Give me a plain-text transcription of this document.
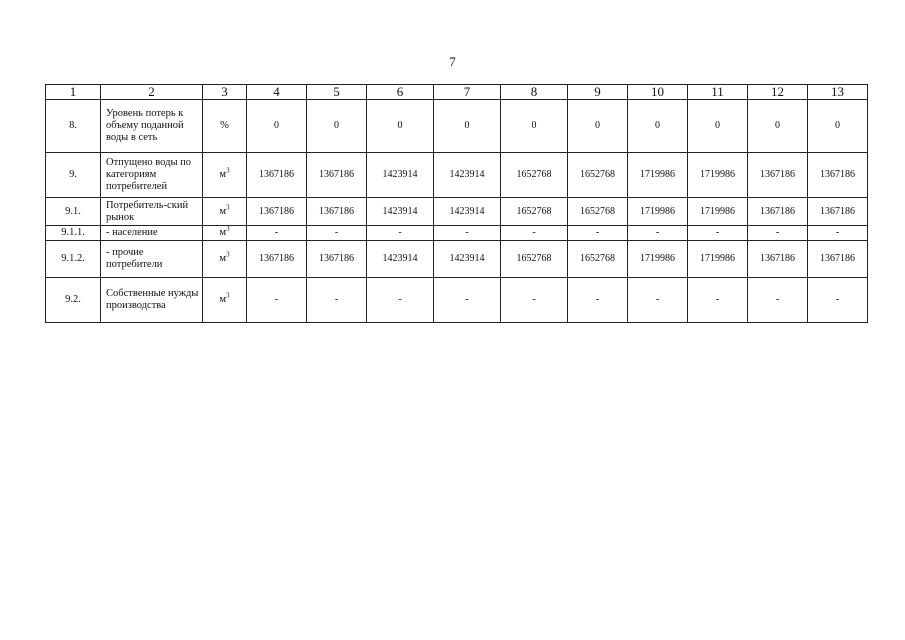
7
1	2	3	4	5	6	7	8	9	10	11	12	13
8.	Уровень потерь к объему поданной воды в сеть	%	0	0	0	0	0	0	0	0	0	0
9.	Отпущено воды по категориям потребителей	$м^3$	1367186	1367186	1423914	1423914	1652768	1652768	1719986	1719986	1367186	1367186
9.1.	Потребитель-ский рынок	$м^3$	1367186	1367186	1423914	1423914	1652768	1652768	1719986	1719986	1367186	1367186
9.1.1.	- население	$м^3$	-	-	-	-	-	-	-	-	-	-
9.1.2.	- прочие потребители	$м^3$	1367186	1367186	1423914	1423914	1652768	1652768	1719986	1719986	1367186	1367186
9.2.	Собственные нужды производства	$м^3$	-	-	-	-	-	-	-	-	-	-
